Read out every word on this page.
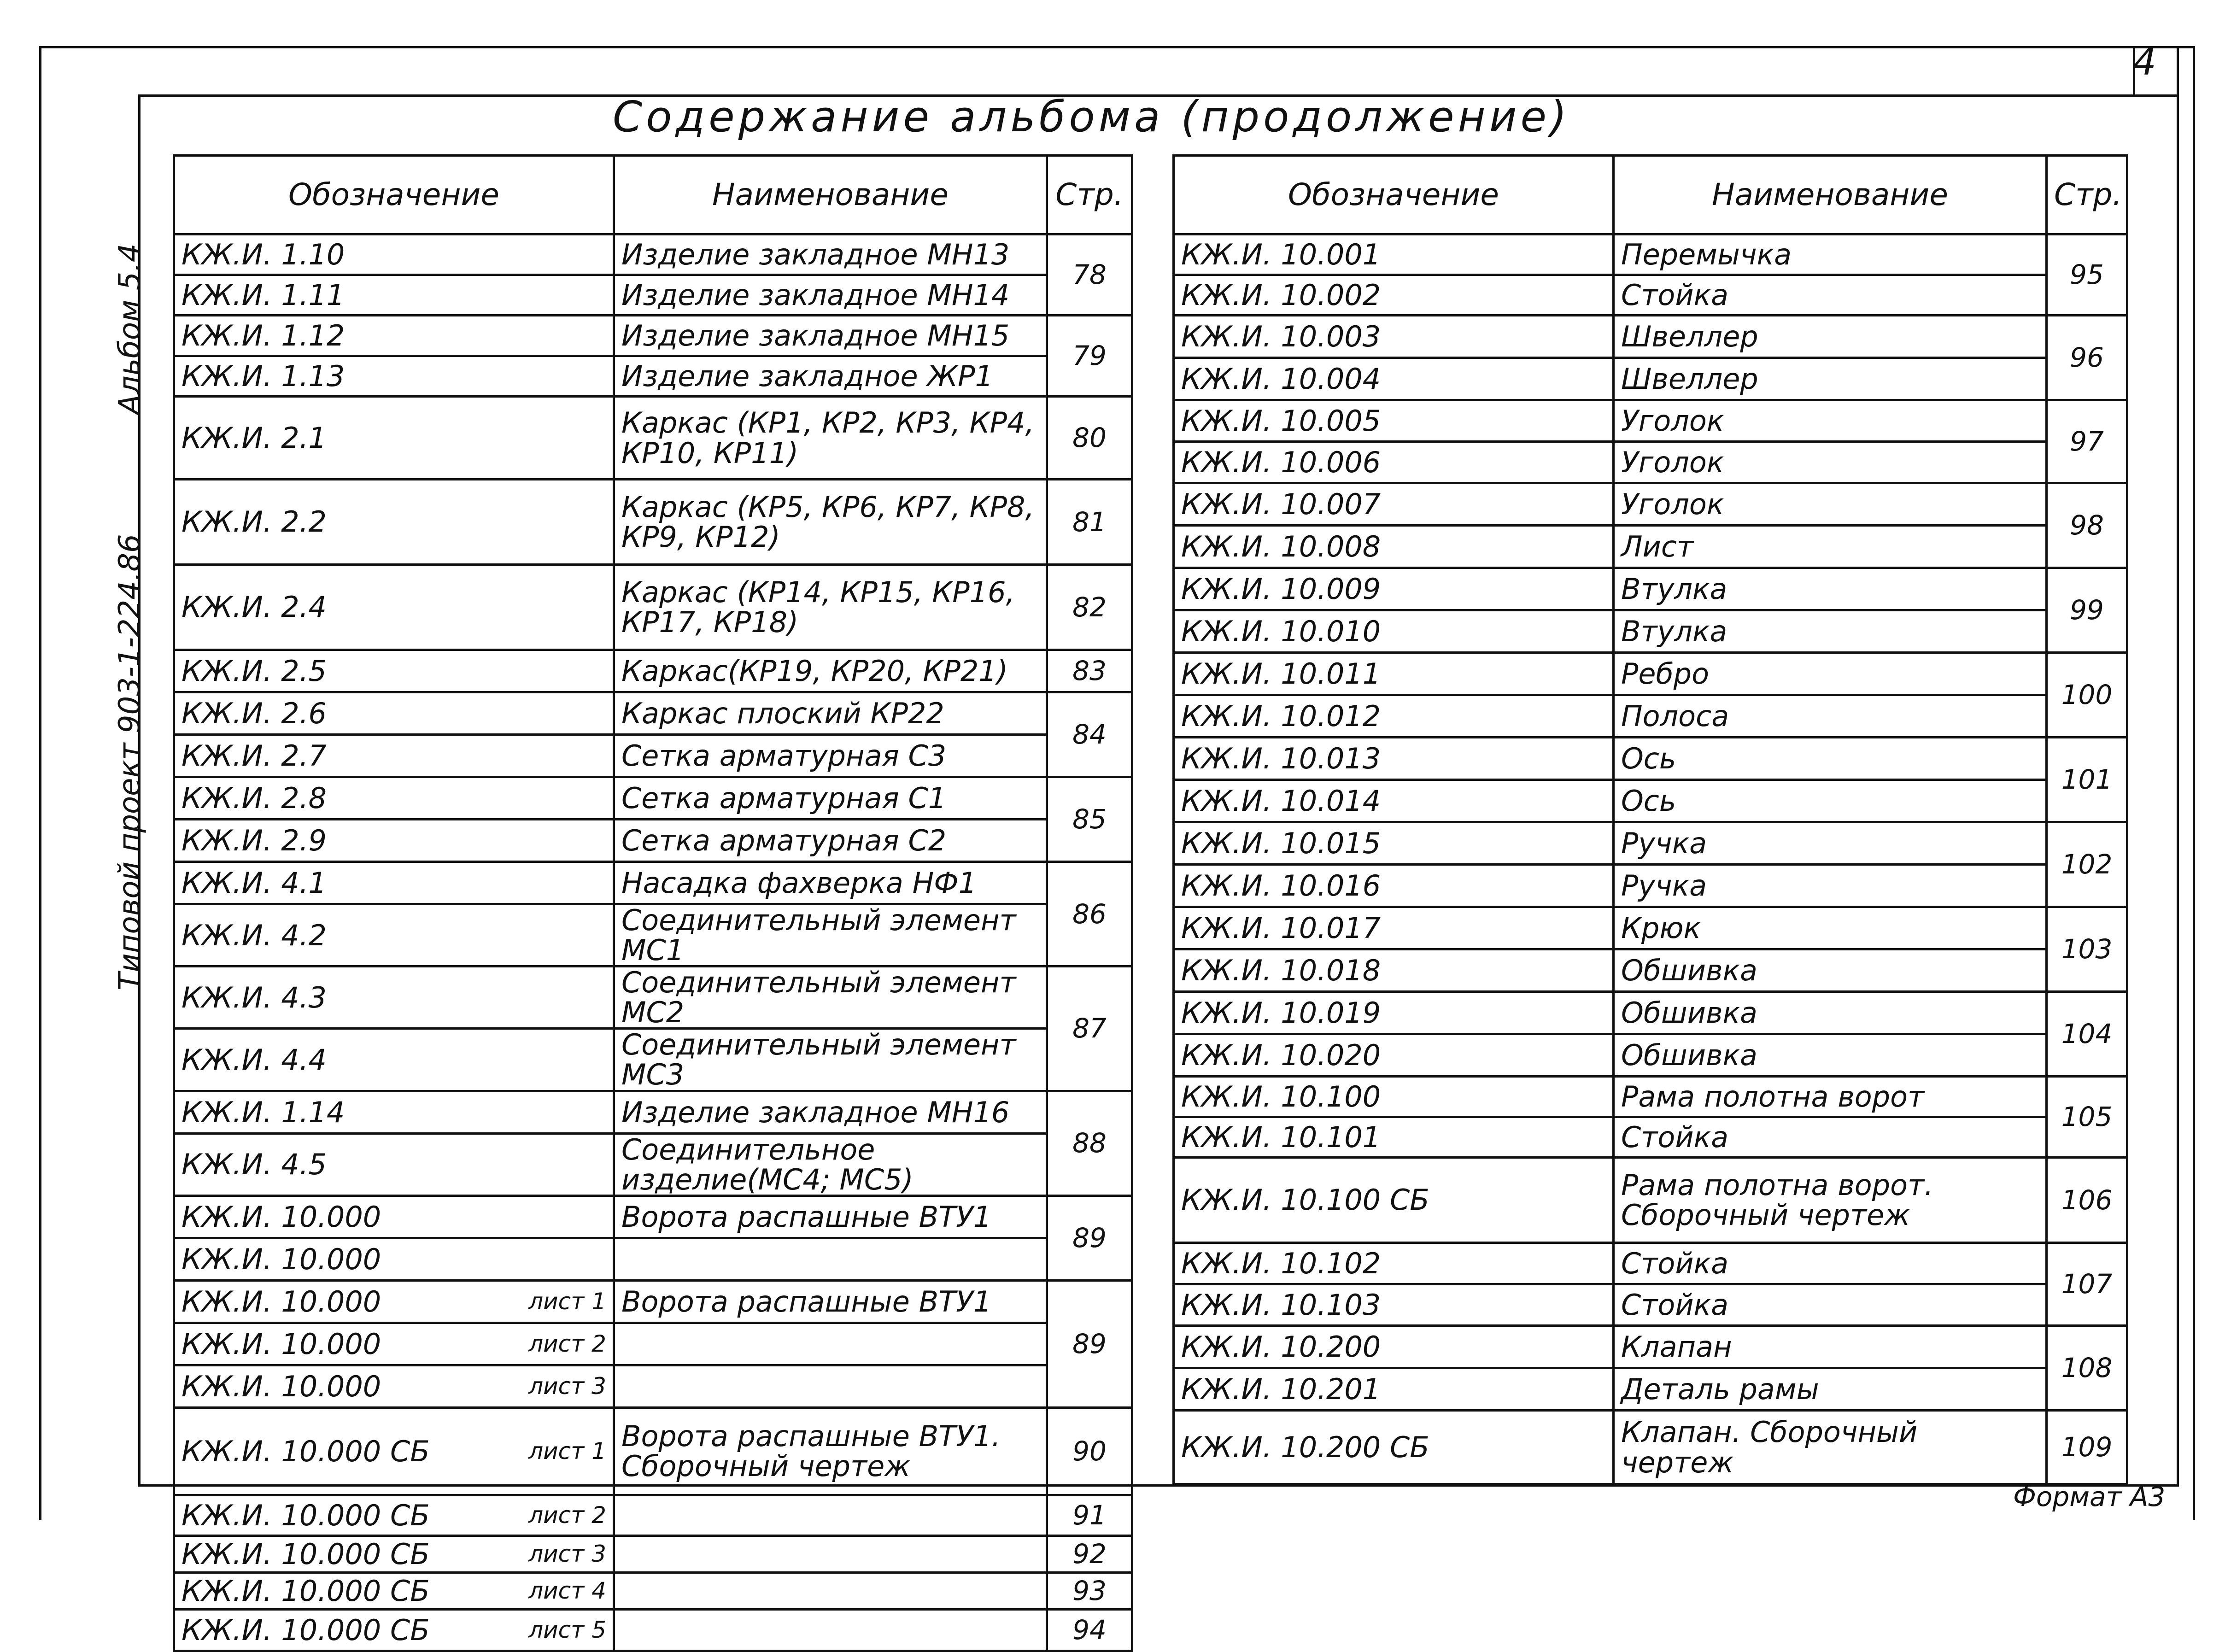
4
Содержание альбома (продолжение)
Альбом 5.4
Типовой проект 903-1-224.86
Формат А3
Обозначение	Наименование	Стр.
КЖ.И. 1.10	Изделие закладное МН13	78
КЖ.И. 1.11	Изделие закладное МН14	
КЖ.И. 1.12	Изделие закладное МН15	79
КЖ.И. 1.13	Изделие закладное ЖР1	
КЖ.И. 2.1	Каркас (КР1, КР2, КР3, КР4, КР10, КР11)	80
КЖ.И. 2.2	Каркас (КР5, КР6, КР7, КР8, КР9, КР12)	81
КЖ.И. 2.4	Каркас (КР14, КР15, КР16, КР17, КР18)	82
КЖ.И. 2.5	Каркас(КР19, КР20, КР21)	83
КЖ.И. 2.6	Каркас плоский КР22	84
КЖ.И. 2.7	Сетка арматурная С3	
КЖ.И. 2.8	Сетка арматурная С1	85
КЖ.И. 2.9	Сетка арматурная С2	
КЖ.И. 4.1	Насадка фахверка НФ1	86
КЖ.И. 4.2	Соединительный элемент МС1	
КЖ.И. 4.3	Соединительный элемент МС2	87
КЖ.И. 4.4	Соединительный элемент МС3	
КЖ.И. 1.14	Изделие закладное МН16	88
КЖ.И. 4.5	Соединительное изделие(МС4; МС5)	
КЖ.И. 10.000	Ворота распашные ВТУ1	89
КЖ.И. 10.000		
КЖ.И. 10.000 лист 1	Ворота распашные ВТУ1	89
КЖ.И. 10.000 лист 2		

КЖ.И. 10.000 лист 3		

КЖ.И. 10.000 СБ лист 1	Ворота распашные ВТУ1. Сборочный чертеж	90
КЖ.И. 10.000 СБ лист 2		91
КЖ.И. 10.000 СБ лист 3		92
КЖ.И. 10.000 СБ лист 4		93
КЖ.И. 10.000 СБ лист 5		94
Обозначение	Наименование	Стр.
КЖ.И. 10.001	Перемычка	95
КЖ.И. 10.002	Стойка	
КЖ.И. 10.003	Швеллер	96
КЖ.И. 10.004	Швеллер	
КЖ.И. 10.005	Уголок	97
КЖ.И. 10.006	Уголок	
КЖ.И. 10.007	Уголок	98
КЖ.И. 10.008	Лист	
КЖ.И. 10.009	Втулка	99
КЖ.И. 10.010	Втулка	
КЖ.И. 10.011	Ребро	100
КЖ.И. 10.012	Полоса	
КЖ.И. 10.013	Ось	101
КЖ.И. 10.014	Ось	
КЖ.И. 10.015	Ручка	102
КЖ.И. 10.016	Ручка	
КЖ.И. 10.017	Крюк	103
КЖ.И. 10.018	Обшивка	
КЖ.И. 10.019	Обшивка	104
КЖ.И. 10.020	Обшивка	
КЖ.И. 10.100	Рама полотна ворот	105
КЖ.И. 10.101	Стойка	
КЖ.И. 10.100 СБ	Рама полотна ворот. Сборочный чертеж	106
КЖ.И. 10.102	Стойка	107
КЖ.И. 10.103	Стойка	
КЖ.И. 10.200	Клапан	108
КЖ.И. 10.201	Деталь рамы	
КЖ.И. 10.200 СБ	Клапан. Сборочный чертеж	109
